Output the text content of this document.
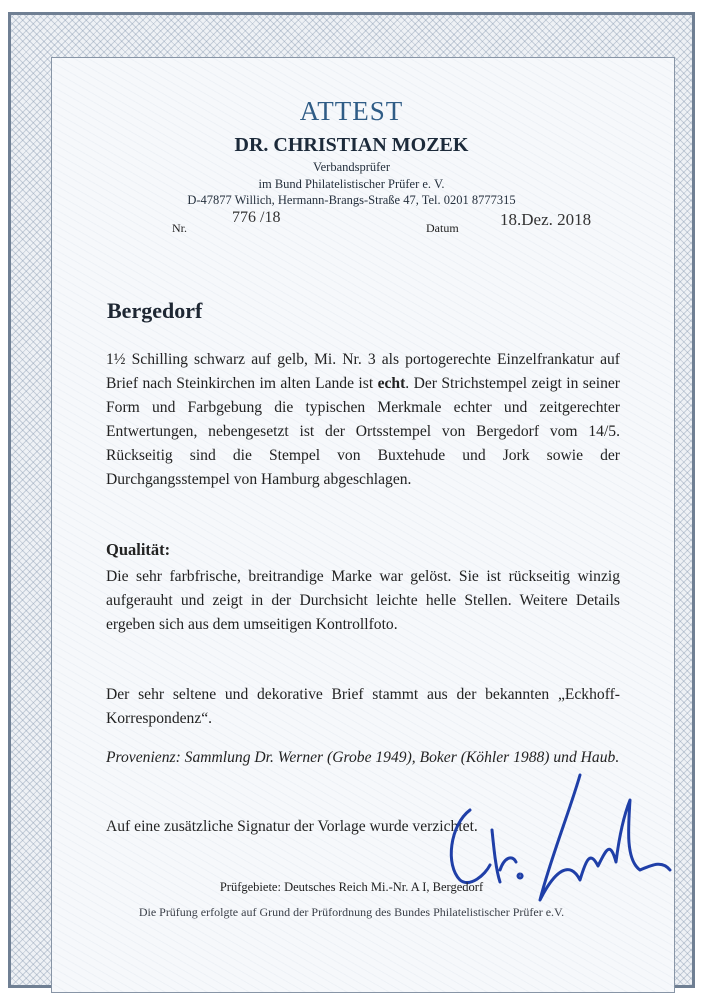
ATTEST
DR. CHRISTIAN MOZEK
Verbandsprüfer
im Bund Philatelistischer Prüfer e. V.
D-47877 Willich, Hermann-Brangs-Straße 47, Tel. 0201 8777315
Nr.
776 /18
Datum 18.Dez. 2018
Bergedorf
1½ Schilling schwarz auf gelb, Mi. Nr. 3 als portogerechte Einzelfrankatur auf Brief nach Steinkirchen im alten Lande ist echt. Der Strichstempel zeigt in seiner Form und Farbgebung die typischen Merkmale echter und zeitgerechter Entwertungen, nebengesetzt ist der Ortsstempel von Bergedorf vom 14/5. Rückseitig sind die Stempel von Buxtehude und Jork sowie der Durchgangsstempel von Hamburg abgeschlagen.
Qualität:
Die sehr farbfrische, breitrandige Marke war gelöst. Sie ist rückseitig winzig aufgerauht und zeigt in der Durchsicht leichte helle Stellen. Weitere Details ergeben sich aus dem umseitigen Kontrollfoto.
Der sehr seltene und dekorative Brief stammt aus der bekannten „Eckhoff-Korrespondenz“.
Provenienz: Sammlung Dr. Werner (Grobe 1949), Boker (Köhler 1988) und Haub.
Auf eine zusätzliche Signatur der Vorlage wurde verzichtet.
Prüfgebiete: Deutsches Reich Mi.-Nr. A I, Bergedorf
Die Prüfung erfolgte auf Grund der Prüfordnung des Bundes Philatelistischer Prüfer e.V.
